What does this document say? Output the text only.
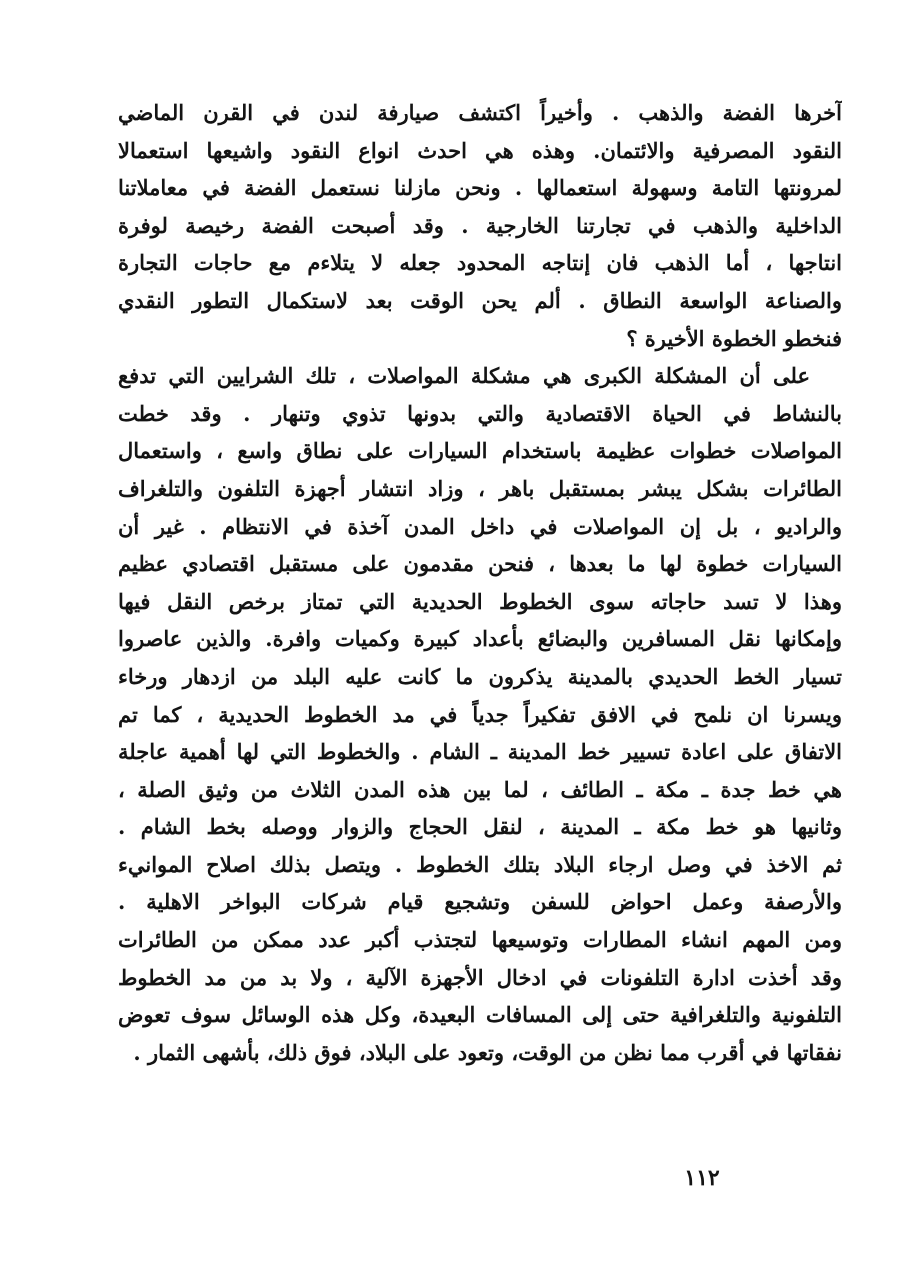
آخرها الفضة والذهب . وأخيراً اكتشف صيارفة لندن في القرن الماضي
النقود المصرفية والائتمان. وهذه هي احدث انواع النقود واشيعها استعمالا
لمرونتها التامة وسهولة استعمالها . ونحن مازلنا نستعمل الفضة في معاملاتنا
الداخلية والذهب في تجارتنا الخارجية . وقد أصبحت الفضة رخيصة لوفرة
انتاجها ، أما الذهب فان إنتاجه المحدود جعله لا يتلاءم مع حاجات التجارة
والصناعة الواسعة النطاق . ألم يحن الوقت بعد لاستكمال التطور النقدي
فنخطو الخطوة الأخيرة ؟
على أن المشكلة الكبرى هي مشكلة المواصلات ، تلك الشرايين التي تدفع
بالنشاط في الحياة الاقتصادية والتي بدونها تذوي وتنهار . وقد خطت
المواصلات خطوات عظيمة باستخدام السيارات على نطاق واسع ، واستعمال
الطائرات بشكل يبشر بمستقبل باهر ، وزاد انتشار أجهزة التلفون والتلغراف
والراديو ، بل إن المواصلات في داخل المدن آخذة في الانتظام . غير أن
السيارات خطوة لها ما بعدها ، فنحن مقدمون على مستقبل اقتصادي عظيم
وهذا لا تسد حاجاته سوى الخطوط الحديدية التي تمتاز برخص النقل فيها
وإمكانها نقل المسافرين والبضائع بأعداد كبيرة وكميات وافرة. والذين عاصروا
تسيار الخط الحديدي بالمدينة يذكرون ما كانت عليه البلد من ازدهار ورخاء
ويسرنا ان نلمح في الافق تفكيراً جدياً في مد الخطوط الحديدية ، كما تم
الاتفاق على اعادة تسيير خط المدينة ـ الشام . والخطوط التي لها أهمية عاجلة
هي خط جدة ـ مكة ـ الطائف ، لما بين هذه المدن الثلاث من وثيق الصلة ،
وثانيها هو خط مكة ـ المدينة ، لنقل الحجاج والزوار ووصله بخط الشام .
ثم الاخذ في وصل ارجاء البلاد بتلك الخطوط . ويتصل بذلك اصلاح الموانيء
والأرصفة وعمل احواض للسفن وتشجيع قيام شركات البواخر الاهلية .
ومن المهم انشاء المطارات وتوسيعها لتجتذب أكبر عدد ممكن من الطائرات
وقد أخذت ادارة التلفونات في ادخال الأجهزة الآلية ، ولا بد من مد الخطوط
التلفونية والتلغرافية حتى إلى المسافات البعيدة، وكل هذه الوسائل سوف تعوض
نفقاتها في أقرب مما نظن من الوقت، وتعود على البلاد، فوق ذلك، بأشهى الثمار .
١١٢
